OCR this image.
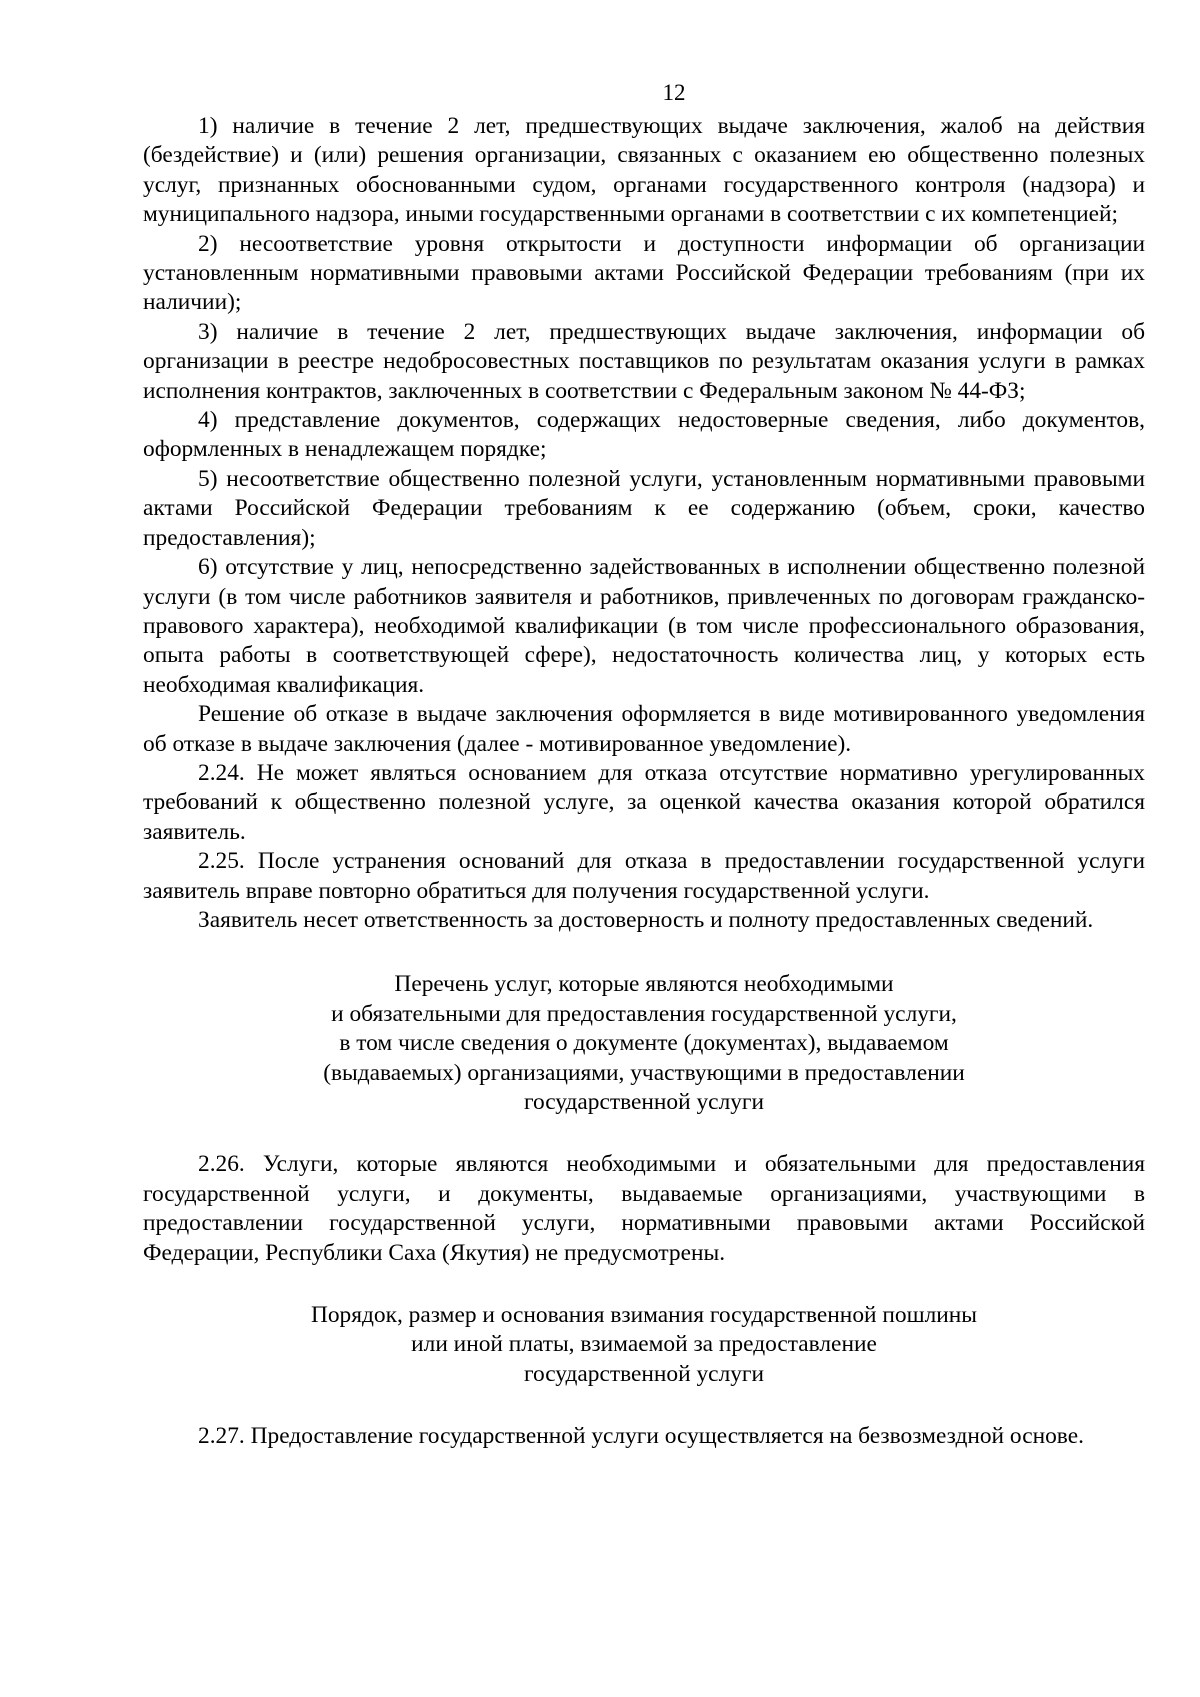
12

1) наличие в течение 2 лет, предшествующих выдаче заключения, жалоб на действия (бездействие) и (или) решения организации, связанных с оказанием ею общественно полезных услуг, признанных обоснованными судом, органами государственного контроля (надзора) и муниципального надзора, иными государственными органами в соответствии с их компетенцией;

2) несоответствие уровня открытости и доступности информации об организации установленным нормативными правовыми актами Российской Федерации требованиям (при их наличии);

3) наличие в течение 2 лет, предшествующих выдаче заключения, информации об организации в реестре недобросовестных поставщиков по результатам оказания услуги в рамках исполнения контрактов, заключенных в соответствии с Федеральным законом № 44-ФЗ;

4) представление документов, содержащих недостоверные сведения, либо документов, оформленных в ненадлежащем порядке;

5) несоответствие общественно полезной услуги, установленным нормативными правовыми актами Российской Федерации требованиям к ее содержанию (объем, сроки, качество предоставления);

6) отсутствие у лиц, непосредственно задействованных в исполнении общественно полезной услуги (в том числе работников заявителя и работников, привлеченных по договорам гражданско-правового характера), необходимой квалификации (в том числе профессионального образования, опыта работы в соответствующей сфере), недостаточность количества лиц, у которых есть необходимая квалификация.

Решение об отказе в выдаче заключения оформляется в виде мотивированного уведомления об отказе в выдаче заключения (далее - мотивированное уведомление).

2.24. Не может являться основанием для отказа отсутствие нормативно урегулированных требований к общественно полезной услуге, за оценкой качества оказания которой обратился заявитель.

2.25. После устранения оснований для отказа в предоставлении государственной услуги заявитель вправе повторно обратиться для получения государственной услуги.

Заявитель несет ответственность за достоверность и полноту предоставленных сведений.

Перечень услуг, которые являются необходимыми
и обязательными для предоставления государственной услуги,
в том числе сведения о документе (документах), выдаваемом
(выдаваемых) организациями, участвующими в предоставлении
государственной услуги

2.26. Услуги, которые являются необходимыми и обязательными для предоставления государственной услуги, и документы, выдаваемые организациями, участвующими в предоставлении государственной услуги, нормативными правовыми актами Российской Федерации, Республики Саха (Якутия) не предусмотрены.

Порядок, размер и основания взимания государственной пошлины
или иной платы, взимаемой за предоставление
государственной услуги

2.27. Предоставление государственной услуги осуществляется на безвозмездной основе.
